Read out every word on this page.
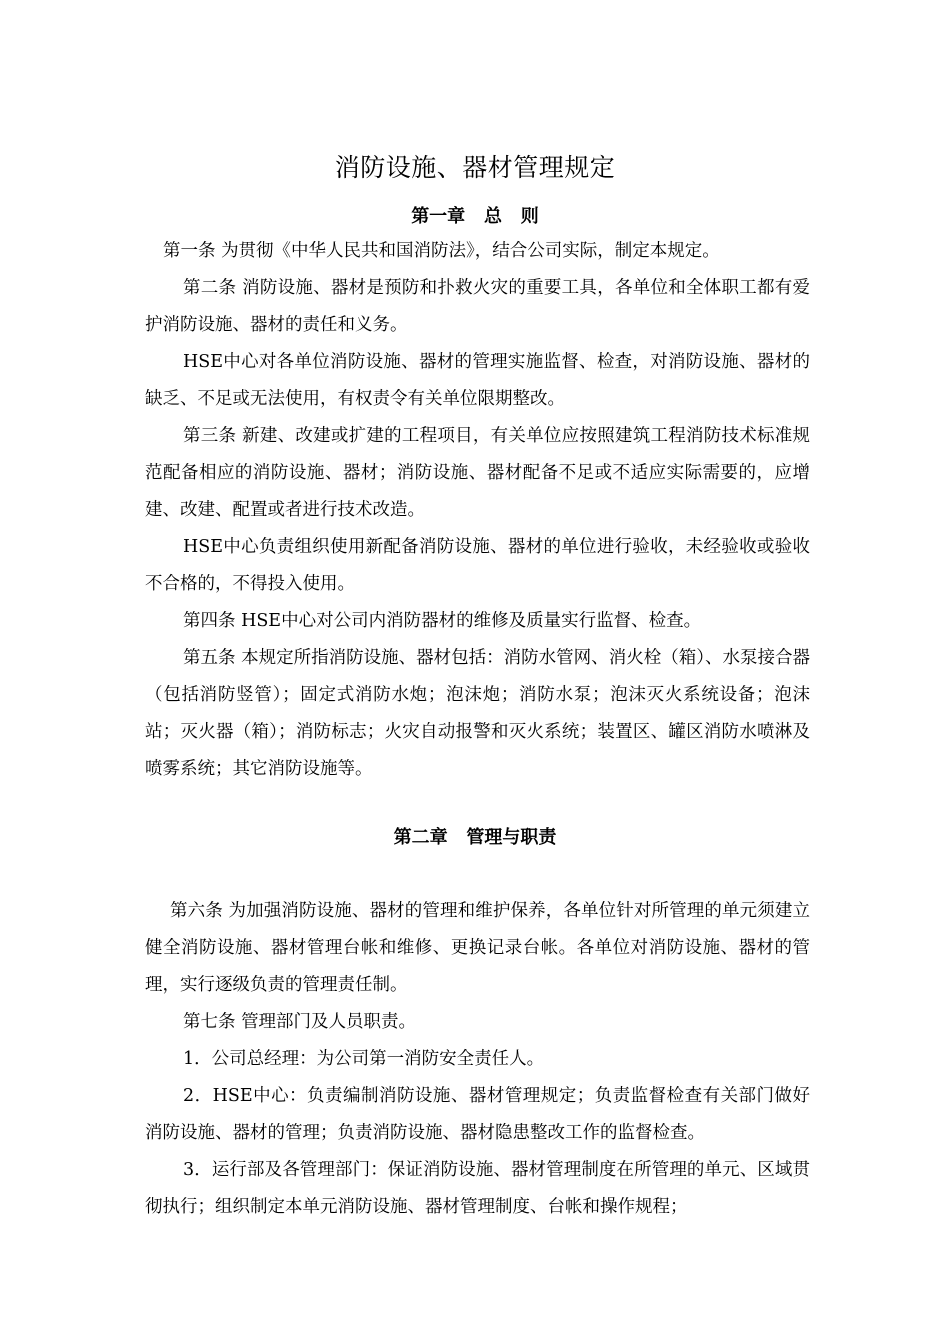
消防设施、器材管理规定
第一章   总   则

第一条 为贯彻《中华人民共和国消防法》，结合公司实际，制定本规定。

第二条 消防设施、器材是预防和扑救火灾的重要工具，各单位和全体职工都有爱护消防设施、器材的责任和义务。

HSE中心对各单位消防设施、器材的管理实施监督、检查，对消防设施、器材的缺乏、不足或无法使用，有权责令有关单位限期整改。

第三条 新建、改建或扩建的工程项目，有关单位应按照建筑工程消防技术标准规范配备相应的消防设施、器材；消防设施、器材配备不足或不适应实际需要的，应增建、改建、配置或者进行技术改造。

HSE中心负责组织使用新配备消防设施、器材的单位进行验收，未经验收或验收不合格的，不得投入使用。

第四条 HSE中心对公司内消防器材的维修及质量实行监督、检查。

第五条 本规定所指消防设施、器材包括：消防水管网、消火栓（箱）、水泵接合器（包括消防竖管）；固定式消防水炮；泡沫炮；消防水泵；泡沫灭火系统设备；泡沫站；灭火器（箱）；消防标志；火灾自动报警和灭火系统；装置区、罐区消防水喷淋及喷雾系统；其它消防设施等。

第二章   管理与职责

第六条 为加强消防设施、器材的管理和维护保养，各单位针对所管理的单元须建立健全消防设施、器材管理台帐和维修、更换记录台帐。各单位对消防设施、器材的管理，实行逐级负责的管理责任制。

第七条 管理部门及人员职责。

1．公司总经理：为公司第一消防安全责任人。

2．HSE中心：负责编制消防设施、器材管理规定；负责监督检查有关部门做好消防设施、器材的管理；负责消防设施、器材隐患整改工作的监督检查。

3．运行部及各管理部门：保证消防设施、器材管理制度在所管理的单元、区域贯彻执行；组织制定本单元消防设施、器材管理制度、台帐和操作规程；
